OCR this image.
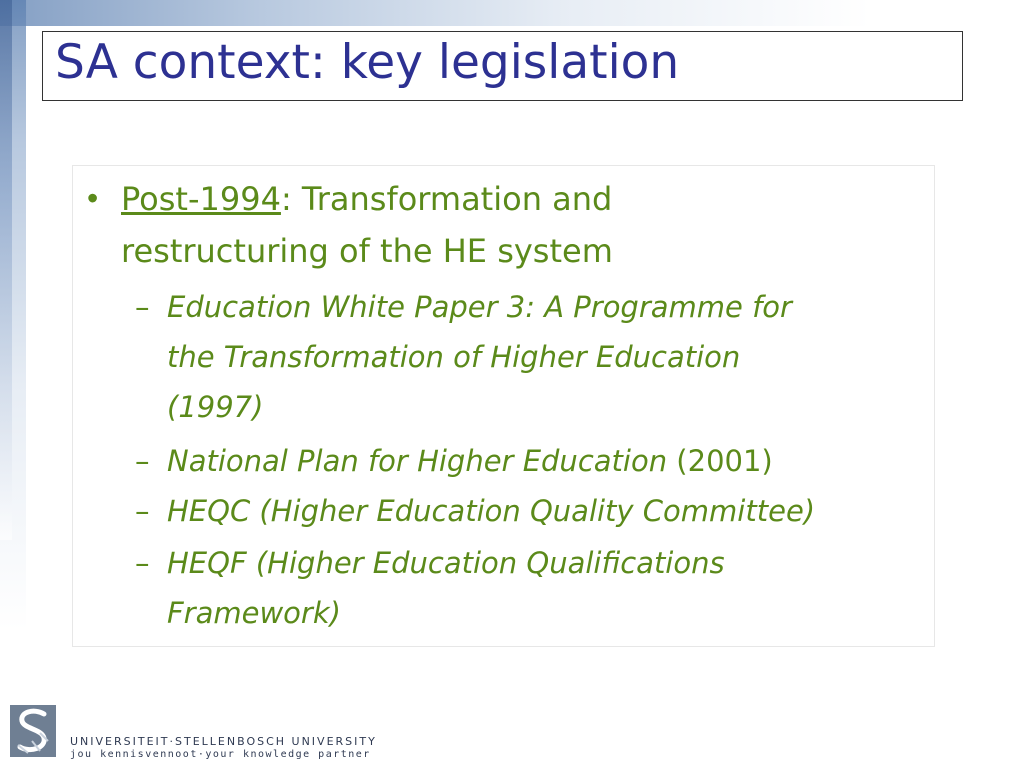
SA context: key legislation
• Post-1994: Transformation and
restructuring of the HE system
– Education White Paper 3: A Programme for
the Transformation of Higher Education
(1997)
– National Plan for Higher Education (2001)
– HEQC (Higher Education Quality Committee)
– HEQF (Higher Education Qualifications
Framework)
UNIVERSITEIT·STELLENBOSCH UNIVERSITY
jou kennisvennoot·your knowledge partner
